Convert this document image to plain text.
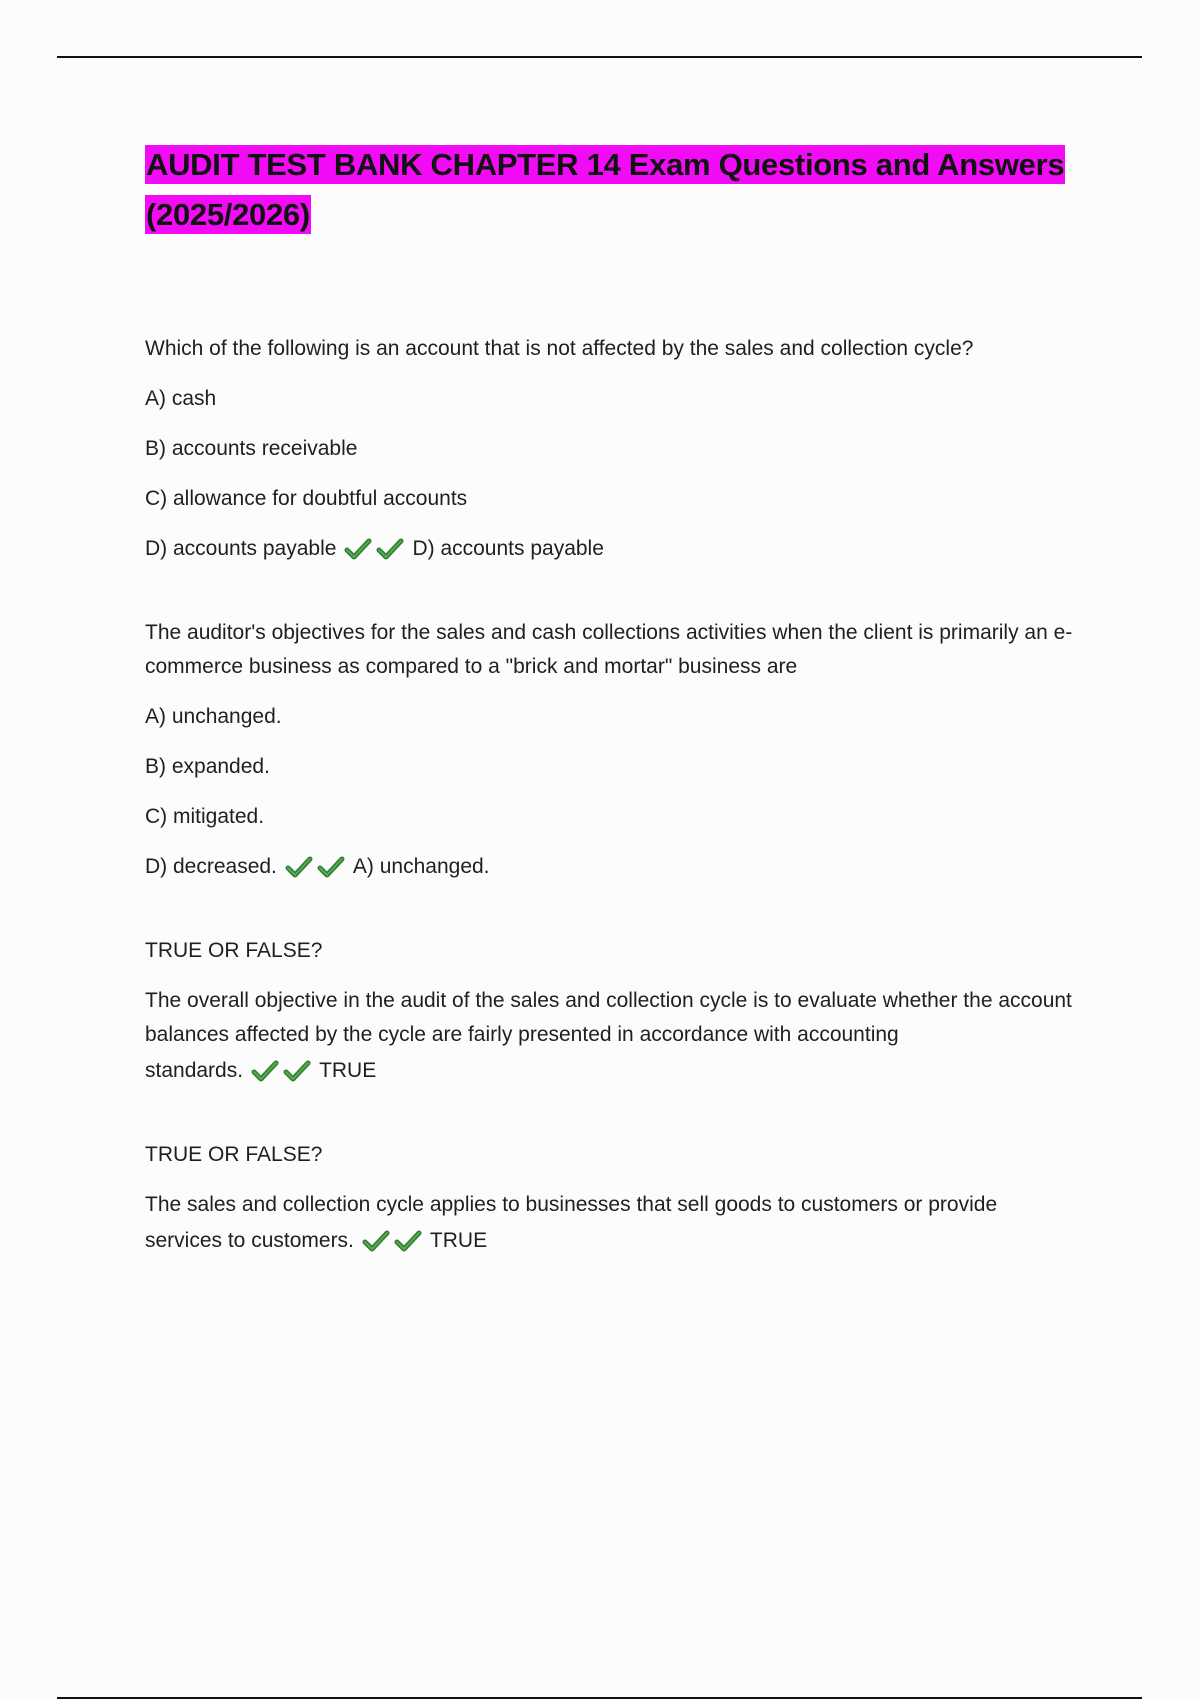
AUDIT TEST BANK CHAPTER 14 Exam Questions and Answers (2025/2026)

Which of the following is an account that is not affected by the sales and collection cycle?

A) cash

B) accounts receivable

C) allowance for doubtful accounts

D) accounts payable	D) accounts payable

The auditor's objectives for the sales and cash collections activities when the client is primarily an e-commerce business as compared to a "brick and mortar" business are

A) unchanged.

B) expanded.

C) mitigated.

D) decreased.	A) unchanged.

TRUE OR FALSE?

The overall objective in the audit of the sales and collection cycle is to evaluate whether the account balances affected by the cycle are fairly presented in accordance with accounting

standards.	TRUE

TRUE OR FALSE?

The sales and collection cycle applies to businesses that sell goods to customers or provide

services to customers.	TRUE
